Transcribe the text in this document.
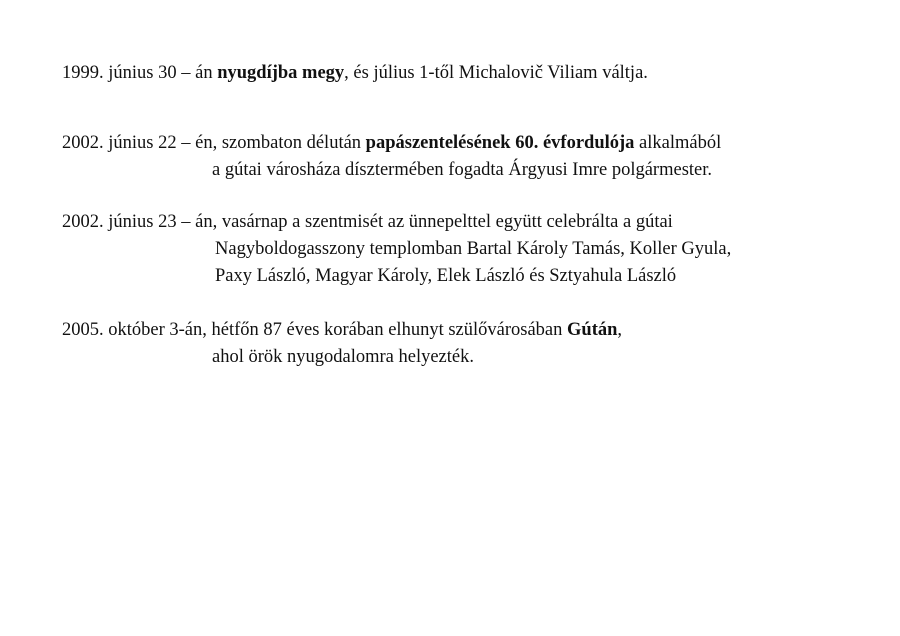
1999. június 30 – án nyugdíjba megy, és július 1-től Michalovič Viliam váltja.
2002. június 22 – én, szombaton délután papászentelésének 60. évfordulója alkalmából
a gútai városháza dísztermében fogadta Árgyusi Imre polgármester.
2002. június 23 – án, vasárnap a szentmisét az ünnepelttel együtt celebrálta a gútai
Nagyboldogasszony templomban Bartal Károly Tamás, Koller Gyula,
Paxy László, Magyar Károly, Elek László és Sztyahula László
2005. október 3-án, hétfőn 87 éves korában elhunyt szülővárosában Gútán,
ahol örök nyugodalomra helyezték.
